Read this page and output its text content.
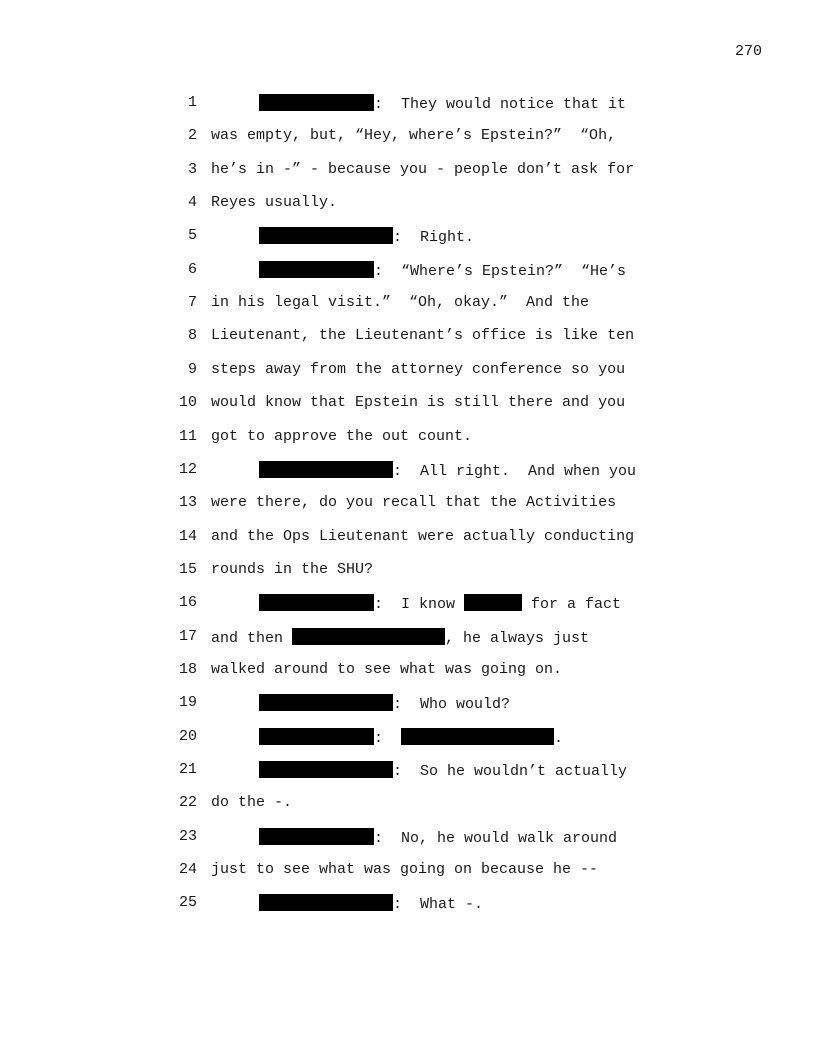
270
1	:  They would notice that it
2 was empty, but, “Hey, where’s Epstein?”  “Oh,
3 he’s in -” - because you - people don’t ask for
4 Reyes usually.
5	:  Right.
6	:  “Where’s Epstein?”  “He’s
7 in his legal visit.”  “Oh, okay.”  And the
8 Lieutenant, the Lieutenant’s office is like ten
9 steps away from the attorney conference so you
10 would know that Epstein is still there and you
11 got to approve the out count.
12	:  All right.  And when you
13 were there, do you recall that the Activities
14 and the Ops Lieutenant were actually conducting
15 rounds in the SHU?
16	:  I know	for a fact
17 and then	, he always just
18 walked around to see what was going on.
19	:  Who would?
20	:	.
21	:  So he wouldn’t actually
22 do the -.
23	:  No, he would walk around
24 just to see what was going on because he --
25	:  What -.
